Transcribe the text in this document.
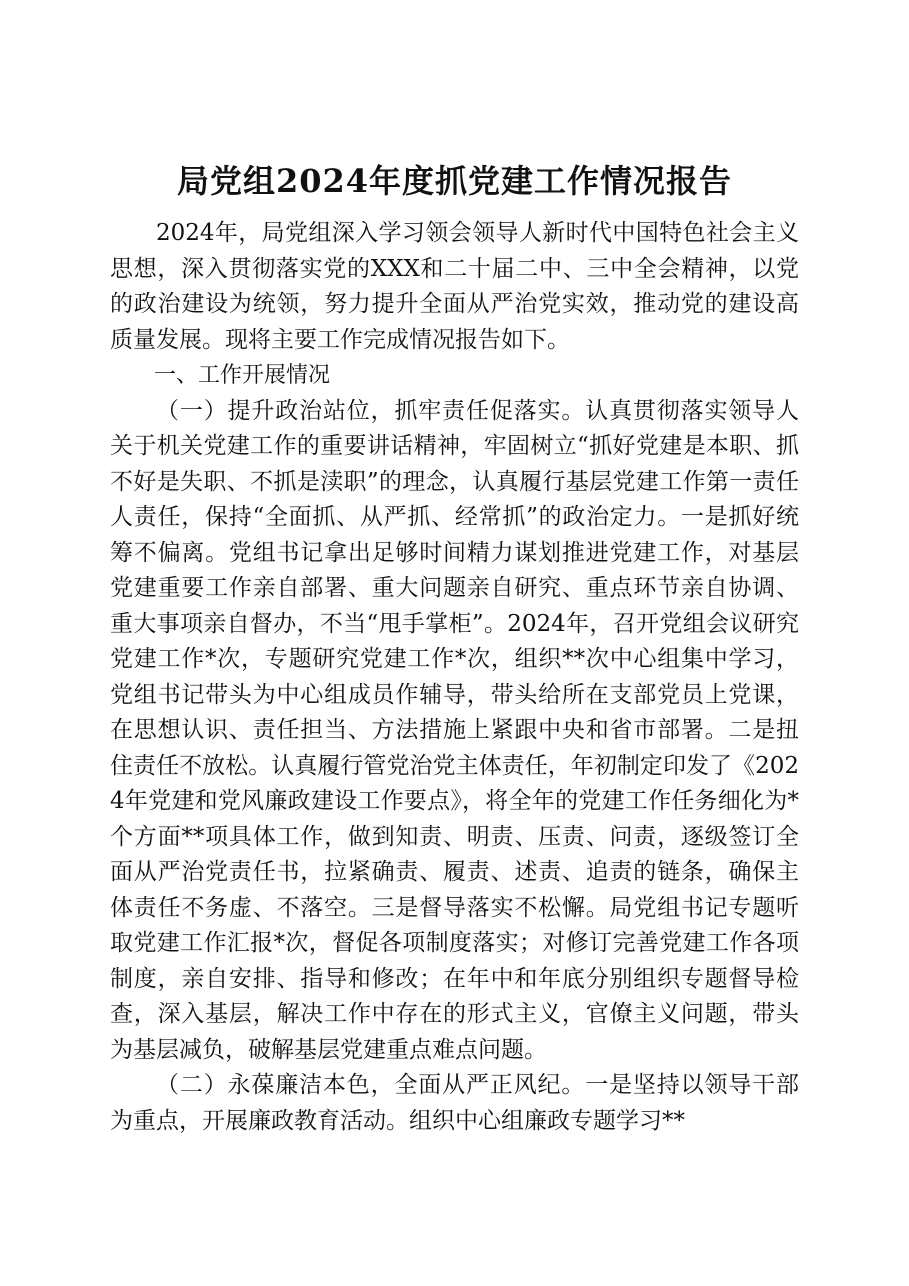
局党组2024年度抓党建工作情况报告

2024年，局党组深入学习领会领导人新时代中国特色社会主义思想，深入贯彻落实党的XXX和二十届二中、三中全会精神，以党的政治建设为统领，努力提升全面从严治党实效，推动党的建设高质量发展。现将主要工作完成情况报告如下。

一、工作开展情况

（一）提升政治站位，抓牢责任促落实。认真贯彻落实领导人关于机关党建工作的重要讲话精神，牢固树立“抓好党建是本职、抓不好是失职、不抓是渎职”的理念，认真履行基层党建工作第一责任人责任，保持“全面抓、从严抓、经常抓”的政治定力。一是抓好统筹不偏离。党组书记拿出足够时间精力谋划推进党建工作，对基层党建重要工作亲自部署、重大问题亲自研究、重点环节亲自协调、重大事项亲自督办，不当“甩手掌柜”。2024年，召开党组会议研究党建工作*次，专题研究党建工作*次，组织**次中心组集中学习，党组书记带头为中心组成员作辅导，带头给所在支部党员上党课，在思想认识、责任担当、方法措施上紧跟中央和省市部署。二是扭住责任不放松。认真履行管党治党主体责任，年初制定印发了《2024年党建和党风廉政建设工作要点》，将全年的党建工作任务细化为*个方面**项具体工作，做到知责、明责、压责、问责，逐级签订全面从严治党责任书，拉紧确责、履责、述责、追责的链条，确保主体责任不务虚、不落空。三是督导落实不松懈。局党组书记专题听取党建工作汇报*次，督促各项制度落实；对修订完善党建工作各项制度，亲自安排、指导和修改；在年中和年底分别组织专题督导检查，深入基层，解决工作中存在的形式主义，官僚主义问题，带头为基层减负，破解基层党建重点难点问题。

（二）永葆廉洁本色，全面从严正风纪。一是坚持以领导干部为重点，开展廉政教育活动。组织中心组廉政专题学习**
